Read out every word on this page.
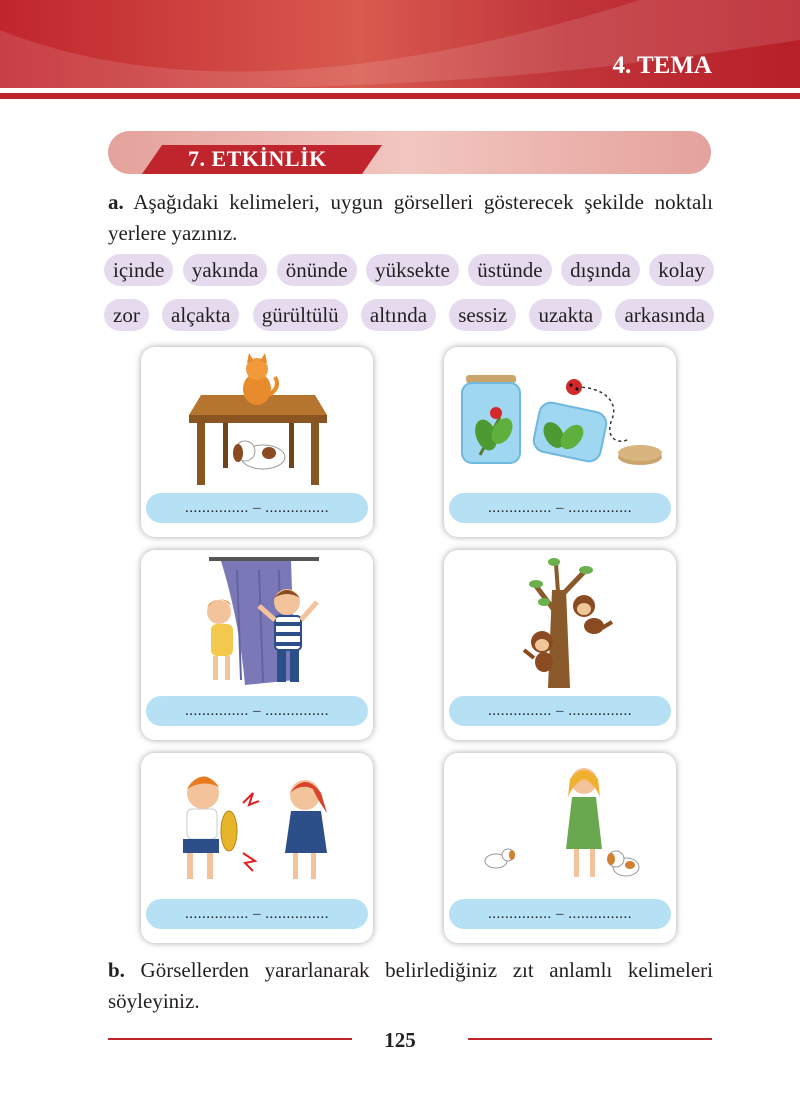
4. TEMA
7. ETKİNLİK
a. Aşağıdaki kelimeleri, uygun görselleri gösterecek şekilde noktalı yerlere yazınız.
içinde	yakında	önünde	yüksekte	üstünde	dışında	kolay
zor	alçakta	gürültülü	altında	sessiz	uzakta	arkasında
............... – ...............	............... – ...............
............... – ...............	............... – ...............
............... – ...............	............... – ...............
b. Görsellerden yararlanarak belirlediğiniz zıt anlamlı kelimeleri söyleyiniz.
125
